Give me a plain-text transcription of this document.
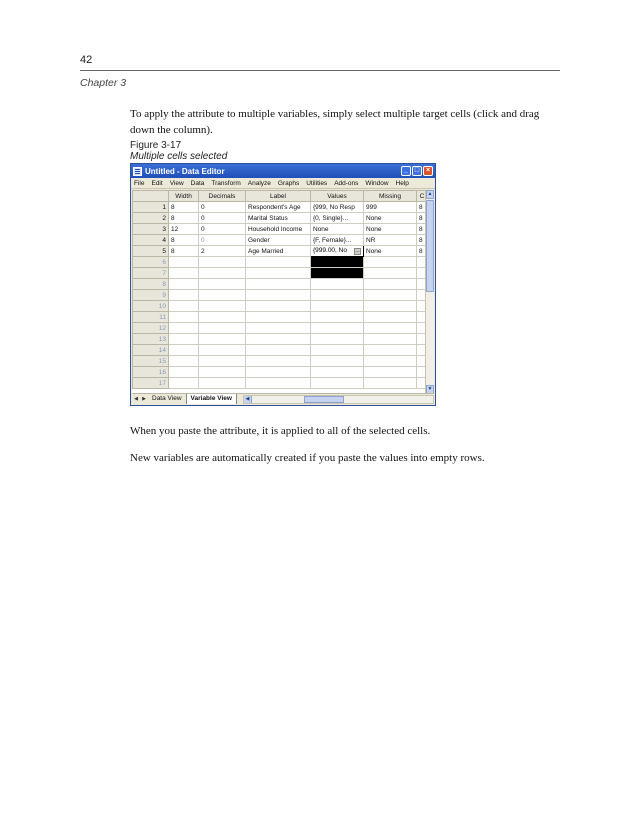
42
Chapter 3

To apply the attribute to multiple variables, simply select multiple target cells (click and drag down the column).

Figure 3-17
Multiple cells selected
Untitled - Data Editor	_ □ ×
File Edit View Data Transform Analyze Graphs Utilities Add-ons Window Help
	Width	Decimals	Label	Values	Missing	C
1	8	0	Respondent's Age	{999, No Resp	999	8
2	8	0	Marital Status	{0, Single}...	None	8
3	12	0	Household Income	None	None	8
4	8	0	Gender	{F, Female}...	NR	8
5	8	2	Age Married	{999.00, No ...	None	8
6						
7						
8						
9						
10						
11						
12						
13						
14						
15						
16						
17						
▲
▼
◀ ▶ Data View	Variable View	◀

When you paste the attribute, it is applied to all of the selected cells.

New variables are automatically created if you paste the values into empty rows.
